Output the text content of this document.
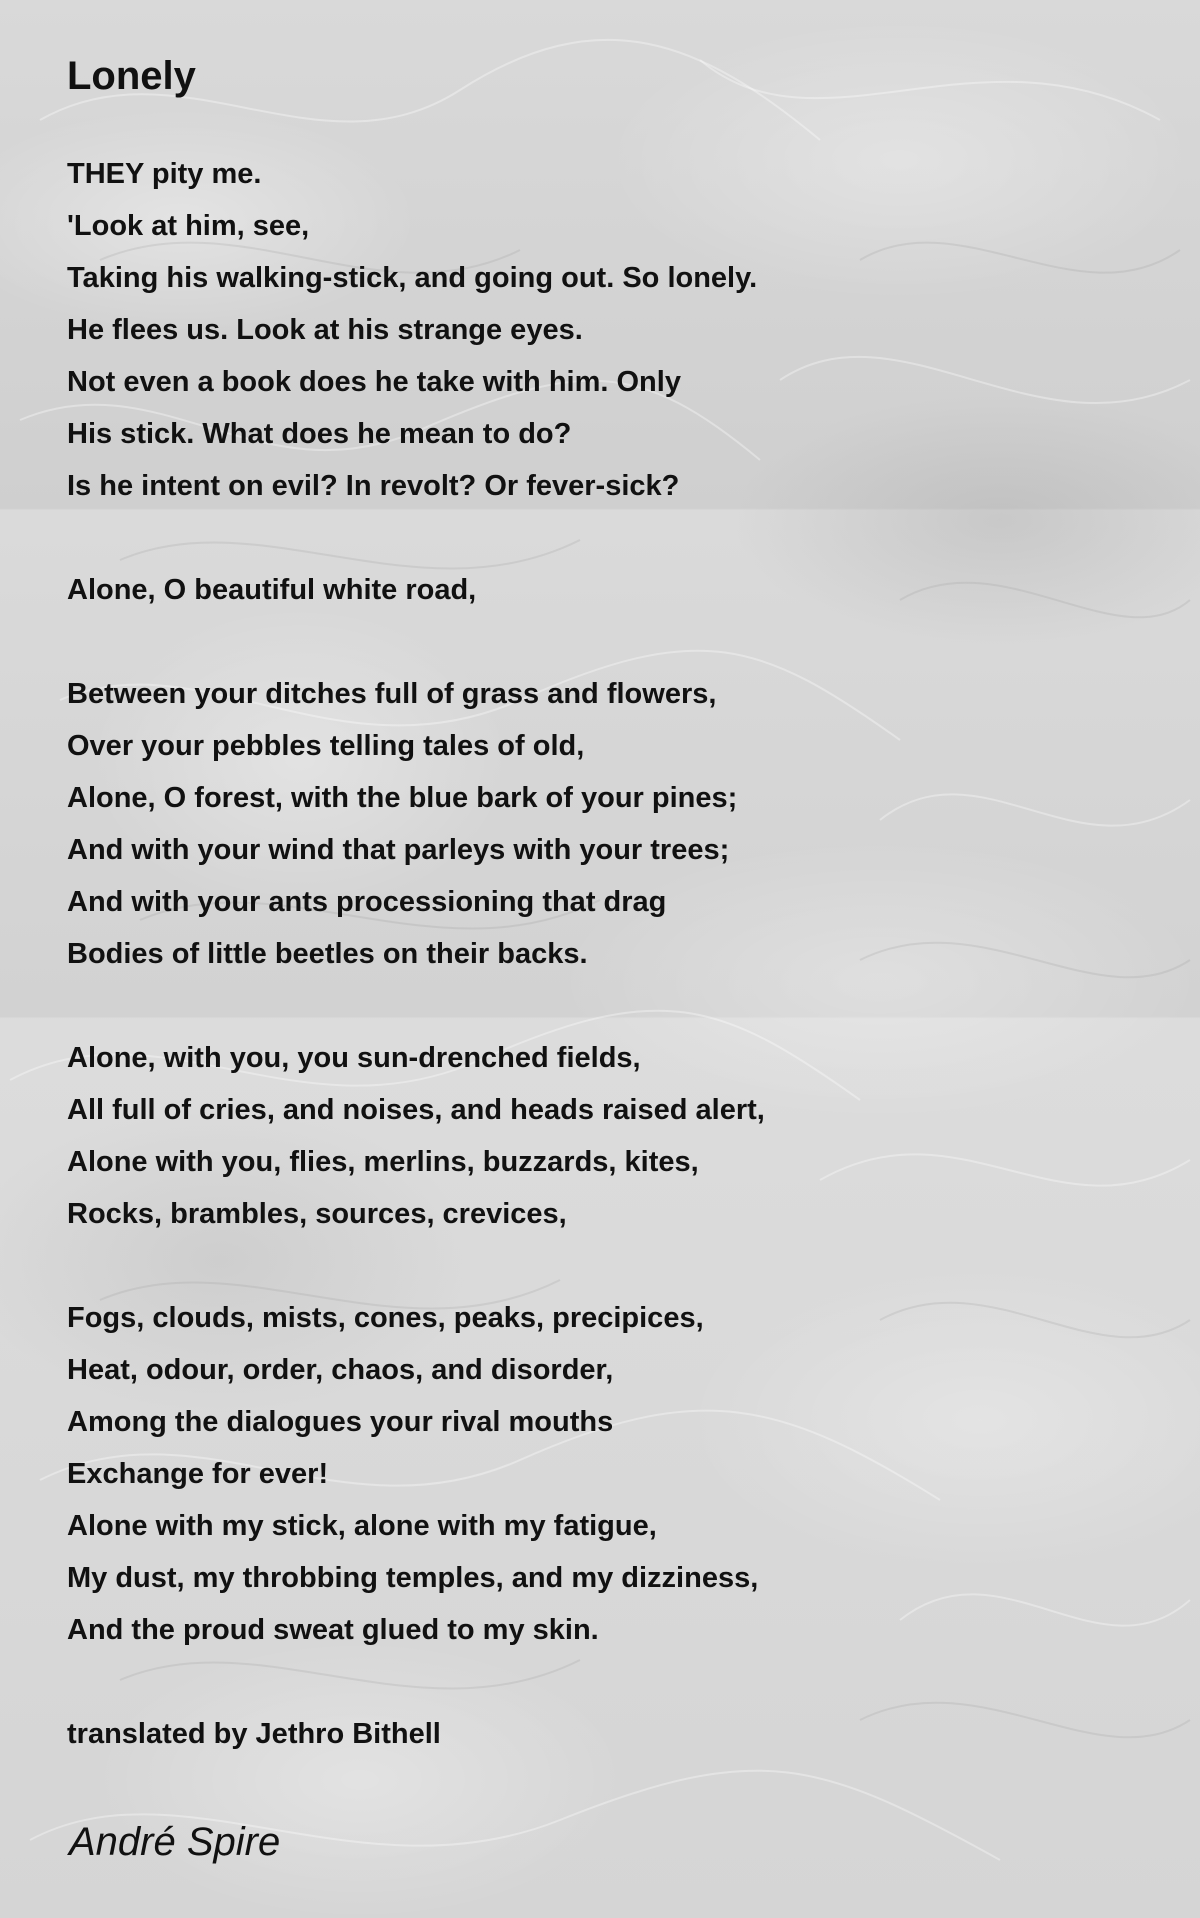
Lonely
THEY pity me.
'Look at him, see,
Taking his walking-stick, and going out. So lonely.
He flees us. Look at his strange eyes.
Not even a book does he take with him. Only
His stick. What does he mean to do?
Is he intent on evil? In revolt? Or fever-sick?
Alone, O beautiful white road,
Between your ditches full of grass and flowers,
Over your pebbles telling tales of old,
Alone, O forest, with the blue bark of your pines;
And with your wind that parleys with your trees;
And with your ants processioning that drag
Bodies of little beetles on their backs.
Alone, with you, you sun-drenched fields,
All full of cries, and noises, and heads raised alert,
Alone with you, flies, merlins, buzzards, kites,
Rocks, brambles, sources, crevices,
Fogs, clouds, mists, cones, peaks, precipices,
Heat, odour, order, chaos, and disorder,
Among the dialogues your rival mouths
Exchange for ever!
Alone with my stick, alone with my fatigue,
My dust, my throbbing temples, and my dizziness,
And the proud sweat glued to my skin.
translated by Jethro Bithell
André Spire
